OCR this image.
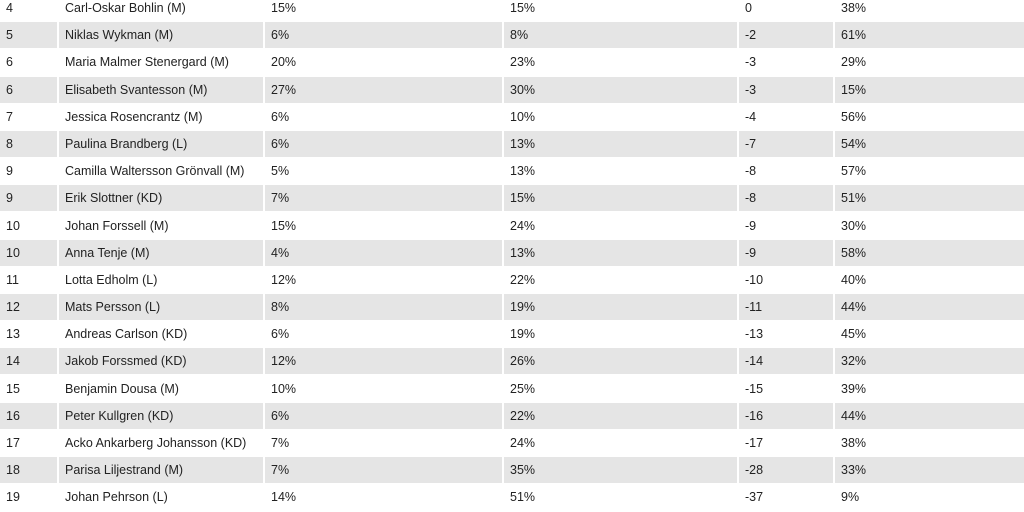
4	Carl-Oskar Bohlin (M)	15%	15%	0	38%
5	Niklas Wykman (M)	6%	8%	-2	61%
6	Maria Malmer Stenergard (M)	20%	23%	-3	29%
6	Elisabeth Svantesson (M)	27%	30%	-3	15%
7	Jessica Rosencrantz (M)	6%	10%	-4	56%
8	Paulina Brandberg (L)	6%	13%	-7	54%
9	Camilla Waltersson Grönvall (M)	5%	13%	-8	57%
9	Erik Slottner (KD)	7%	15%	-8	51%
10	Johan Forssell (M)	15%	24%	-9	30%
10	Anna Tenje (M)	4%	13%	-9	58%
11	Lotta Edholm (L)	12%	22%	-10	40%
12	Mats Persson (L)	8%	19%	-11	44%
13	Andreas Carlson (KD)	6%	19%	-13	45%
14	Jakob Forssmed (KD)	12%	26%	-14	32%
15	Benjamin Dousa (M)	10%	25%	-15	39%
16	Peter Kullgren (KD)	6%	22%	-16	44%
17	Acko Ankarberg Johansson (KD)	7%	24%	-17	38%
18	Parisa Liljestrand (M)	7%	35%	-28	33%
19	Johan Pehrson (L)	14%	51%	-37	9%
